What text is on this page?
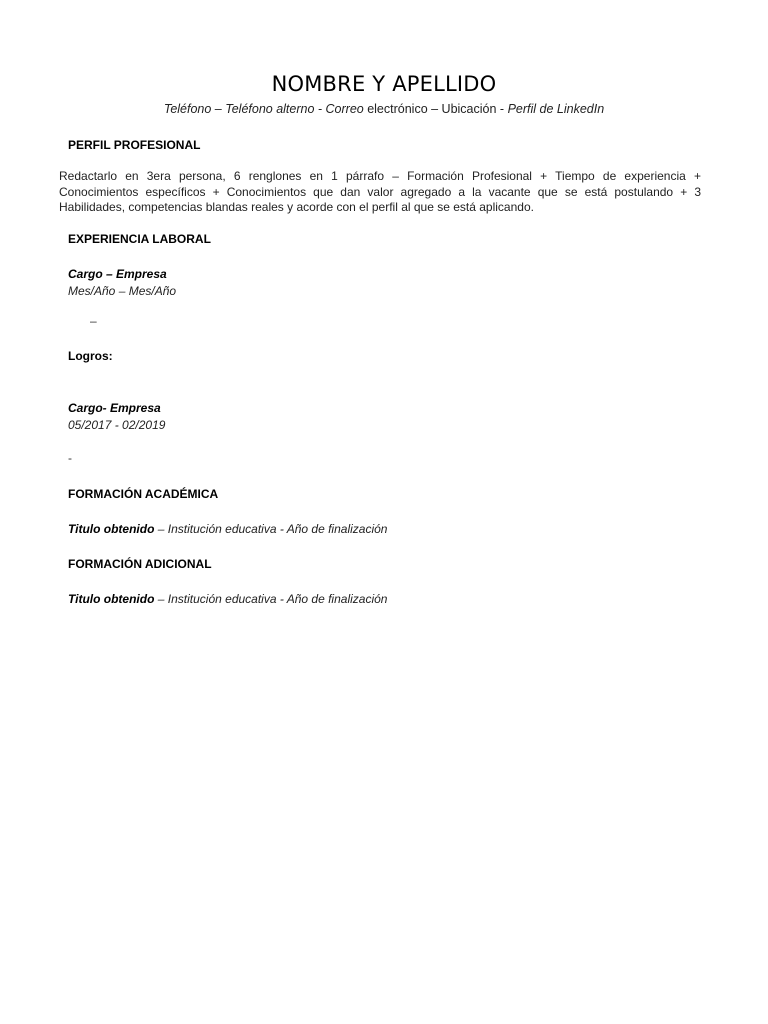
NOMBRE Y APELLIDO
Teléfono – Teléfono alterno - Correo electrónico – Ubicación - Perfil de LinkedIn
PERFIL PROFESIONAL
Redactarlo en 3era persona, 6 renglones en 1 párrafo – Formación Profesional + Tiempo de experiencia + Conocimientos específicos + Conocimientos que dan valor agregado a la vacante que se está postulando + 3 Habilidades, competencias blandas reales y acorde con el perfil al que se está aplicando.
EXPERIENCIA LABORAL
Cargo – Empresa
Mes/Año – Mes/Año
–
Logros:
Cargo- Empresa
05/2017 - 02/2019
-
FORMACIÓN ACADÉMICA
Titulo obtenido – Institución educativa - Año de finalización
FORMACIÓN ADICIONAL
Titulo obtenido – Institución educativa - Año de finalización
